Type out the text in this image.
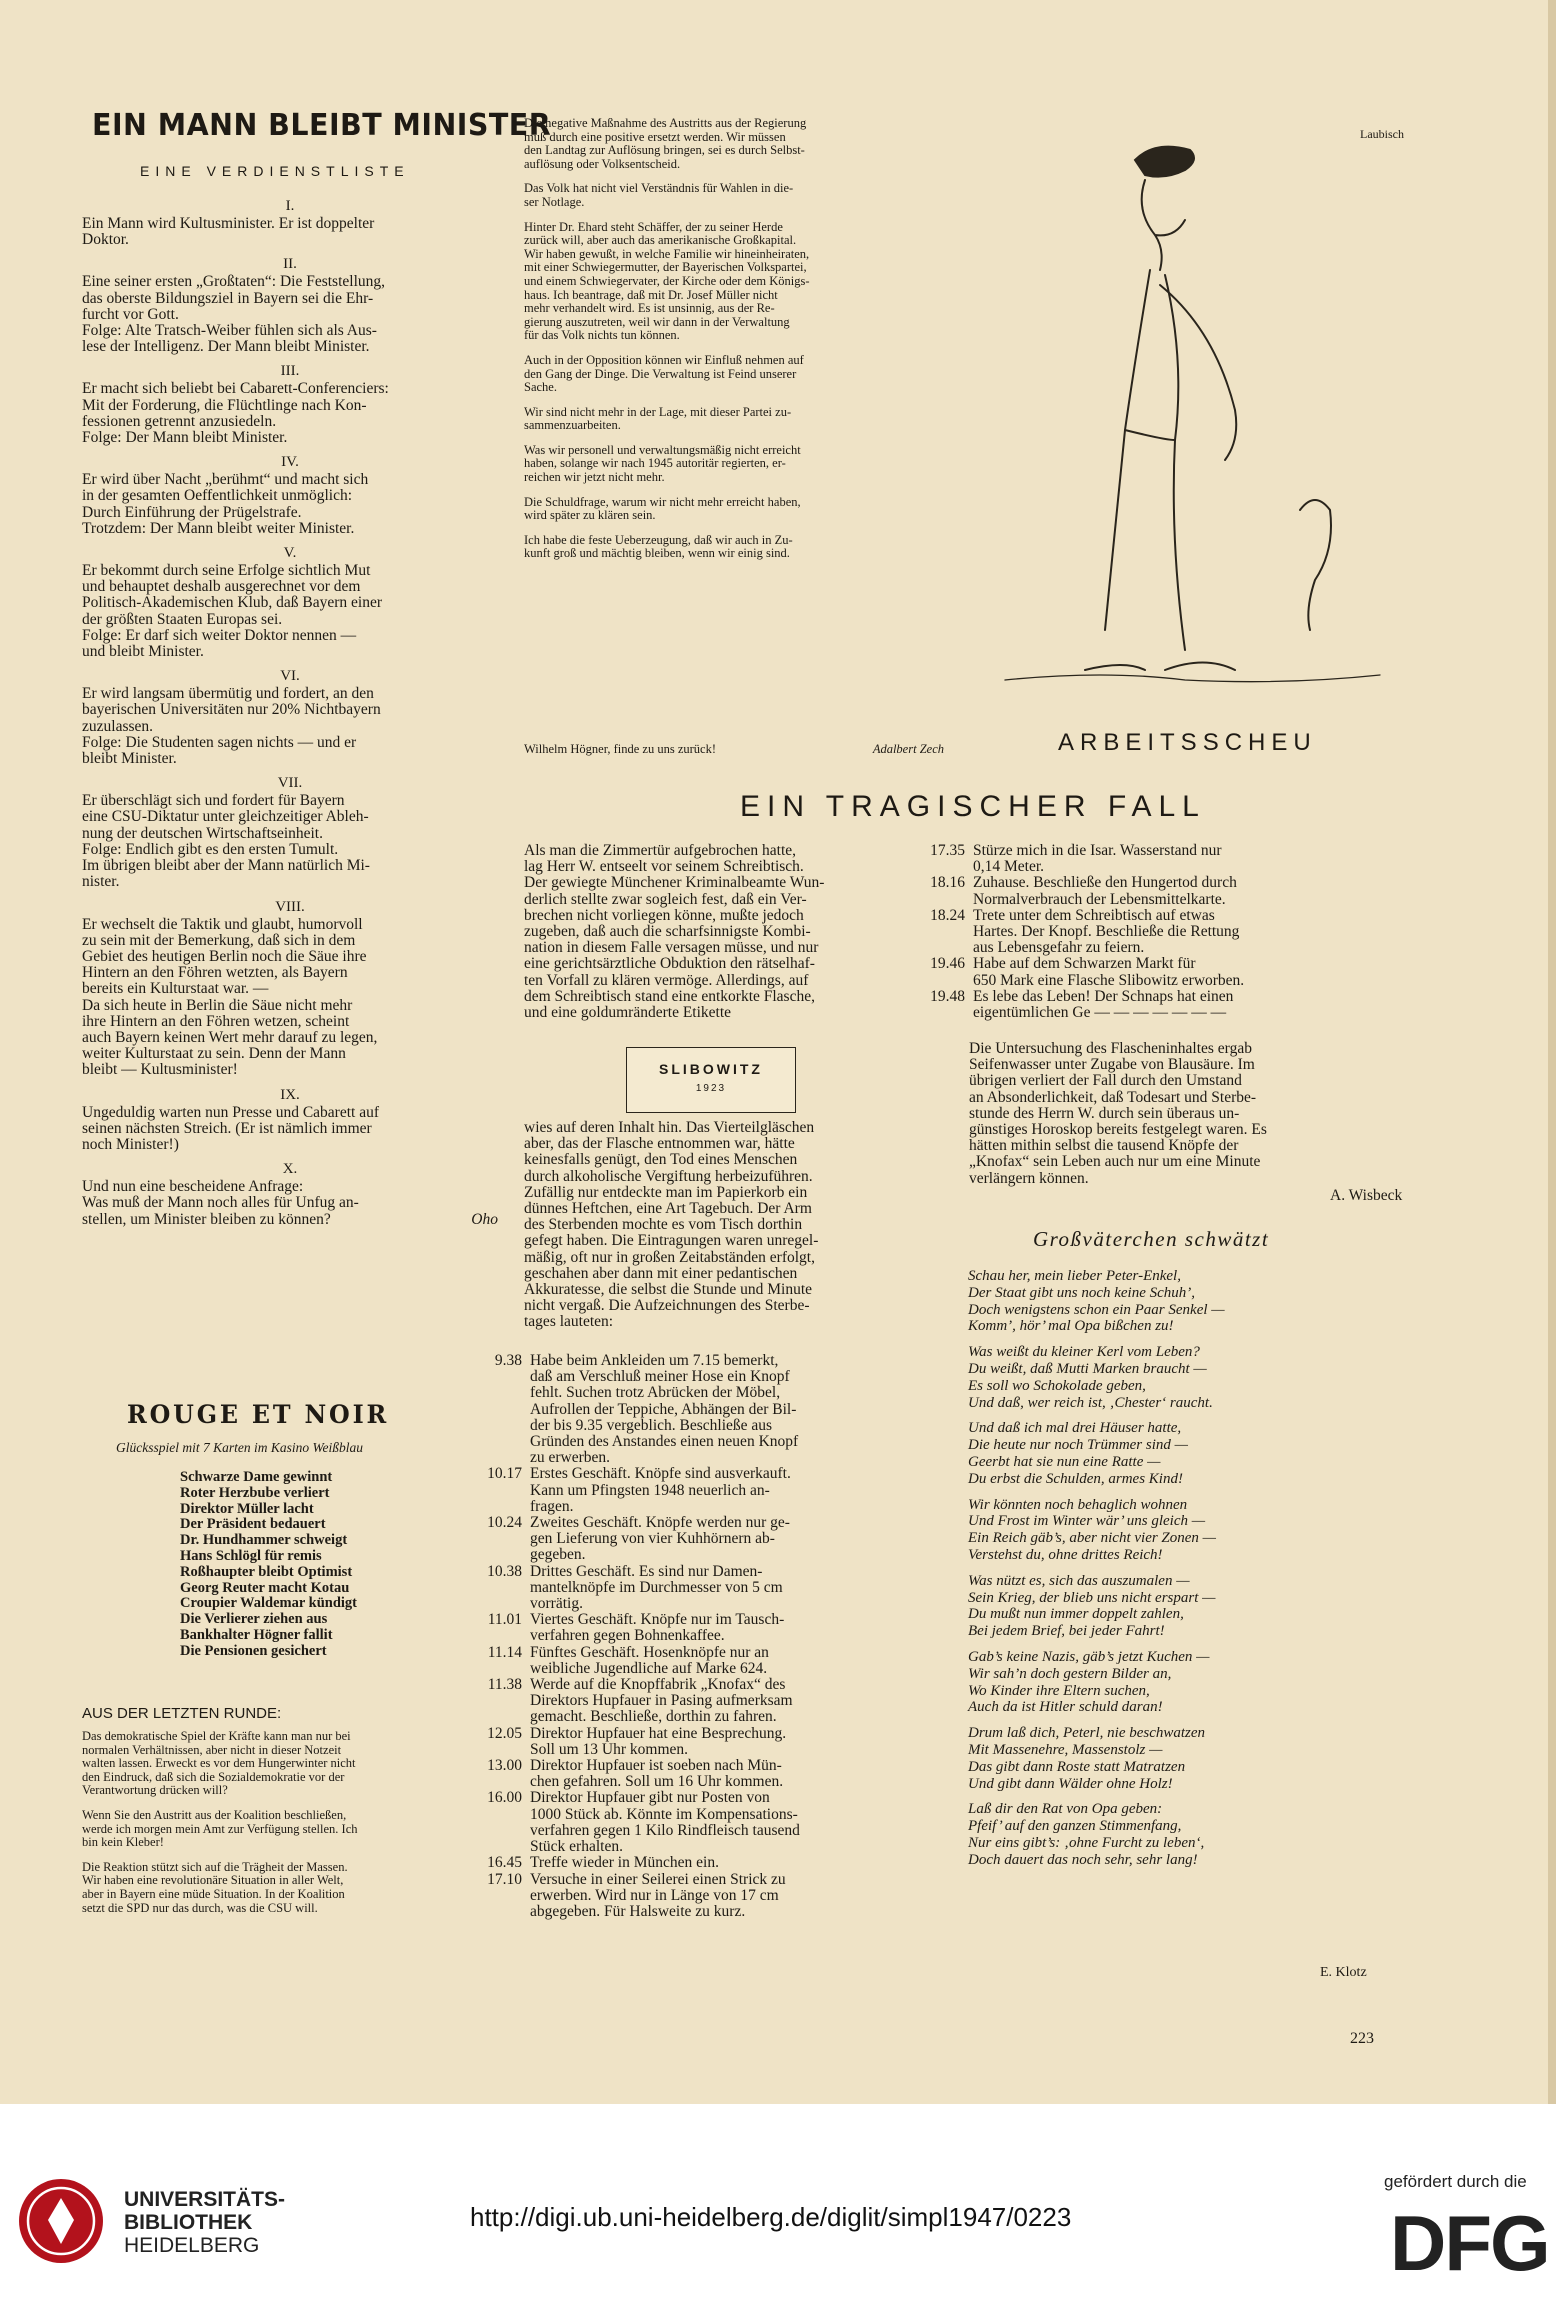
EIN MANN BLEIBT MINISTER
EINE VERDIENSTLISTE
I.
Ein Mann wird Kultusminister. Er ist doppelter
Doktor.
II.
Eine seiner ersten „Großtaten“: Die Feststellung,
das oberste Bildungsziel in Bayern sei die Ehr-
furcht vor Gott.
Folge: Alte Tratsch-Weiber fühlen sich als Aus-
lese der Intelligenz. Der Mann bleibt Minister.
III.
Er macht sich beliebt bei Cabarett-Conferenciers:
Mit der Forderung, die Flüchtlinge nach Kon-
fessionen getrennt anzusiedeln.
Folge: Der Mann bleibt Minister.
IV.
Er wird über Nacht „berühmt“ und macht sich
in der gesamten Oeffentlichkeit unmöglich:
Durch Einführung der Prügelstrafe.
Trotzdem: Der Mann bleibt weiter Minister.
V.
Er bekommt durch seine Erfolge sichtlich Mut
und behauptet deshalb ausgerechnet vor dem
Politisch-Akademischen Klub, daß Bayern einer
der größten Staaten Europas sei.
Folge: Er darf sich weiter Doktor nennen —
und bleibt Minister.
VI.
Er wird langsam übermütig und fordert, an den
bayerischen Universitäten nur 20% Nichtbayern
zuzulassen.
Folge: Die Studenten sagen nichts — und er
bleibt Minister.
VII.
Er überschlägt sich und fordert für Bayern
eine CSU-Diktatur unter gleichzeitiger Ableh-
nung der deutschen Wirtschaftseinheit.
Folge: Endlich gibt es den ersten Tumult.
Im übrigen bleibt aber der Mann natürlich Mi-
nister.
VIII.
Er wechselt die Taktik und glaubt, humorvoll
zu sein mit der Bemerkung, daß sich in dem
Gebiet des heutigen Berlin noch die Säue ihre
Hintern an den Föhren wetzten, als Bayern
bereits ein Kulturstaat war. —
Da sich heute in Berlin die Säue nicht mehr
ihre Hintern an den Föhren wetzen, scheint
auch Bayern keinen Wert mehr darauf zu legen,
weiter Kulturstaat zu sein. Denn der Mann
bleibt — Kultusminister!
IX.
Ungeduldig warten nun Presse und Cabarett auf
seinen nächsten Streich. (Er ist nämlich immer
noch Minister!)
X.
Und nun eine bescheidene Anfrage:
Was muß der Mann noch alles für Unfug an-
stellen, um Minister bleiben zu können?	Oho
ROUGE ET NOIR
Glücksspiel mit 7 Karten im Kasino Weißblau
Schwarze Dame gewinnt
Roter Herzbube verliert
Direktor Müller lacht
Der Präsident bedauert
Dr. Hundhammer schweigt
Hans Schlögl für remis
Roßhaupter bleibt Optimist
Georg Reuter macht Kotau
Croupier Waldemar kündigt
Die Verlierer ziehen aus
Bankhalter Högner fallit
Die Pensionen gesichert
AUS DER LETZTEN RUNDE:
Das demokratische Spiel der Kräfte kann man nur bei
normalen Verhältnissen, aber nicht in dieser Notzeit
walten lassen. Erweckt es vor dem Hungerwinter nicht
den Eindruck, daß sich die Sozialdemokratie vor der
Verantwortung drücken will?
Wenn Sie den Austritt aus der Koalition beschließen,
werde ich morgen mein Amt zur Verfügung stellen. Ich
bin kein Kleber!
Die Reaktion stützt sich auf die Trägheit der Massen.
Wir haben eine revolutionäre Situation in aller Welt,
aber in Bayern eine müde Situation. In der Koalition
setzt die SPD nur das durch, was die CSU will.
Die negative Maßnahme des Austritts aus der Regierung
muß durch eine positive ersetzt werden. Wir müssen
den Landtag zur Auflösung bringen, sei es durch Selbst-
auflösung oder Volksentscheid.
Das Volk hat nicht viel Verständnis für Wahlen in die-
ser Notlage.
Hinter Dr. Ehard steht Schäffer, der zu seiner Herde
zurück will, aber auch das amerikanische Großkapital.
Wir haben gewußt, in welche Familie wir hineinheiraten,
mit einer Schwiegermutter, der Bayerischen Volkspartei,
und einem Schwiegervater, der Kirche oder dem Königs-
haus. Ich beantrage, daß mit Dr. Josef Müller nicht
mehr verhandelt wird. Es ist unsinnig, aus der Re-
gierung auszutreten, weil wir dann in der Verwaltung
für das Volk nichts tun können.
Auch in der Opposition können wir Einfluß nehmen auf
den Gang der Dinge. Die Verwaltung ist Feind unserer
Sache.
Wir sind nicht mehr in der Lage, mit dieser Partei zu-
sammenzuarbeiten.
Was wir personell und verwaltungsmäßig nicht erreicht
haben, solange wir nach 1945 autoritär regierten, er-
reichen wir jetzt nicht mehr.
Die Schuldfrage, warum wir nicht mehr erreicht haben,
wird später zu klären sein.
Ich habe die feste Ueberzeugung, daß wir auch in Zu-
kunft groß und mächtig bleiben, wenn wir einig sind.
Wilhelm Högner, finde zu uns zurück!	Adalbert Zech
Laubisch
ARBEITSSCHEU
EIN TRAGISCHER FALL
Als man die Zimmertür aufgebrochen hatte,
lag Herr W. entseelt vor seinem Schreibtisch.
Der gewiegte Münchener Kriminalbeamte Wun-
derlich stellte zwar sogleich fest, daß ein Ver-
brechen nicht vorliegen könne, mußte jedoch
zugeben, daß auch die scharfsinnigste Kombi-
nation in diesem Falle versagen müsse, und nur
eine gerichtsärztliche Obduktion den rätselhaf-
ten Vorfall zu klären vermöge. Allerdings, auf
dem Schreibtisch stand eine entkorkte Flasche,
und eine goldumränderte Etikette
SLIBOWITZ
1923
wies auf deren Inhalt hin. Das Vierteilgläschen
aber, das der Flasche entnommen war, hätte
keinesfalls genügt, den Tod eines Menschen
durch alkoholische Vergiftung herbeizuführen.
Zufällig nur entdeckte man im Papierkorb ein
dünnes Heftchen, eine Art Tagebuch. Der Arm
des Sterbenden mochte es vom Tisch dorthin
gefegt haben. Die Eintragungen waren unregel-
mäßig, oft nur in großen Zeitabständen erfolgt,
geschahen aber dann mit einer pedantischen
Akkuratesse, die selbst die Stunde und Minute
nicht vergaß. Die Aufzeichnungen des Sterbe-
tages lauteten:
9.38 Habe beim Ankleiden um 7.15 bemerkt,
daß am Verschluß meiner Hose ein Knopf
fehlt. Suchen trotz Abrücken der Möbel,
Aufrollen der Teppiche, Abhängen der Bil-
der bis 9.35 vergeblich. Beschließe aus
Gründen des Anstandes einen neuen Knopf
zu erwerben.
10.17 Erstes Geschäft. Knöpfe sind ausverkauft.
Kann um Pfingsten 1948 neuerlich an-
fragen.
10.24 Zweites Geschäft. Knöpfe werden nur ge-
gen Lieferung von vier Kuhhörnern ab-
gegeben.
10.38 Drittes Geschäft. Es sind nur Damen-
mantelknöpfe im Durchmesser von 5 cm
vorrätig.
11.01 Viertes Geschäft. Knöpfe nur im Tausch-
verfahren gegen Bohnenkaffee.
11.14 Fünftes Geschäft. Hosenknöpfe nur an
weibliche Jugendliche auf Marke 624.
11.38 Werde auf die Knopffabrik „Knofax“ des
Direktors Hupfauer in Pasing aufmerksam
gemacht. Beschließe, dorthin zu fahren.
12.05 Direktor Hupfauer hat eine Besprechung.
Soll um 13 Uhr kommen.
13.00 Direktor Hupfauer ist soeben nach Mün-
chen gefahren. Soll um 16 Uhr kommen.
16.00 Direktor Hupfauer gibt nur Posten von
1000 Stück ab. Könnte im Kompensations-
verfahren gegen 1 Kilo Rindfleisch tausend
Stück erhalten.
16.45 Treffe wieder in München ein.
17.10 Versuche in einer Seilerei einen Strick zu
erwerben. Wird nur in Länge von 17 cm
abgegeben. Für Halsweite zu kurz.
17.35 Stürze mich in die Isar. Wasserstand nur
0,14 Meter.
18.16 Zuhause. Beschließe den Hungertod durch
Normalverbrauch der Lebensmittelkarte.
18.24 Trete unter dem Schreibtisch auf etwas
Hartes. Der Knopf. Beschließe die Rettung
aus Lebensgefahr zu feiern.
19.46 Habe auf dem Schwarzen Markt für
650 Mark eine Flasche Slibowitz erworben.
19.48 Es lebe das Leben! Der Schnaps hat einen
eigentümlichen Ge — — — — — — —
Die Untersuchung des Flascheninhaltes ergab
Seifenwasser unter Zugabe von Blausäure. Im
übrigen verliert der Fall durch den Umstand
an Absonderlichkeit, daß Todesart und Sterbe-
stunde des Herrn W. durch sein überaus un-
günstiges Horoskop bereits festgelegt waren. Es
hätten mithin selbst die tausend Knöpfe der
„Knofax“ sein Leben auch nur um eine Minute
verlängern können.
A. Wisbeck
Großväterchen schwätzt
Schau her, mein lieber Peter-Enkel,
Der Staat gibt uns noch keine Schuh’,
Doch wenigstens schon ein Paar Senkel —
Komm’, hör’ mal Opa bißchen zu!
Was weißt du kleiner Kerl vom Leben?
Du weißt, daß Mutti Marken braucht —
Es soll wo Schokolade geben,
Und daß, wer reich ist, ‚Chester‘ raucht.
Und daß ich mal drei Häuser hatte,
Die heute nur noch Trümmer sind —
Geerbt hat sie nun eine Ratte —
Du erbst die Schulden, armes Kind!
Wir könnten noch behaglich wohnen
Und Frost im Winter wär’ uns gleich —
Ein Reich gäb’s, aber nicht vier Zonen —
Verstehst du, ohne drittes Reich!
Was nützt es, sich das auszumalen —
Sein Krieg, der blieb uns nicht erspart —
Du mußt nun immer doppelt zahlen,
Bei jedem Brief, bei jeder Fahrt!
Gab’s keine Nazis, gäb’s jetzt Kuchen —
Wir sah’n doch gestern Bilder an,
Wo Kinder ihre Eltern suchen,
Auch da ist Hitler schuld daran!
Drum laß dich, Peterl, nie beschwatzen
Mit Massenehre, Massenstolz —
Das gibt dann Roste statt Matratzen
Und gibt dann Wälder ohne Holz!
Laß dir den Rat von Opa geben:
Pfeif’ auf den ganzen Stimmenfang,
Nur eins gibt’s: ‚ohne Furcht zu leben‘,
Doch dauert das noch sehr, sehr lang!
E. Klotz
223
UNIVERSITÄTS-
BIBLIOTHEK
HEIDELBERG
http://digi.ub.uni-heidelberg.de/diglit/simpl1947/0223
gefördert durch die
DFG
